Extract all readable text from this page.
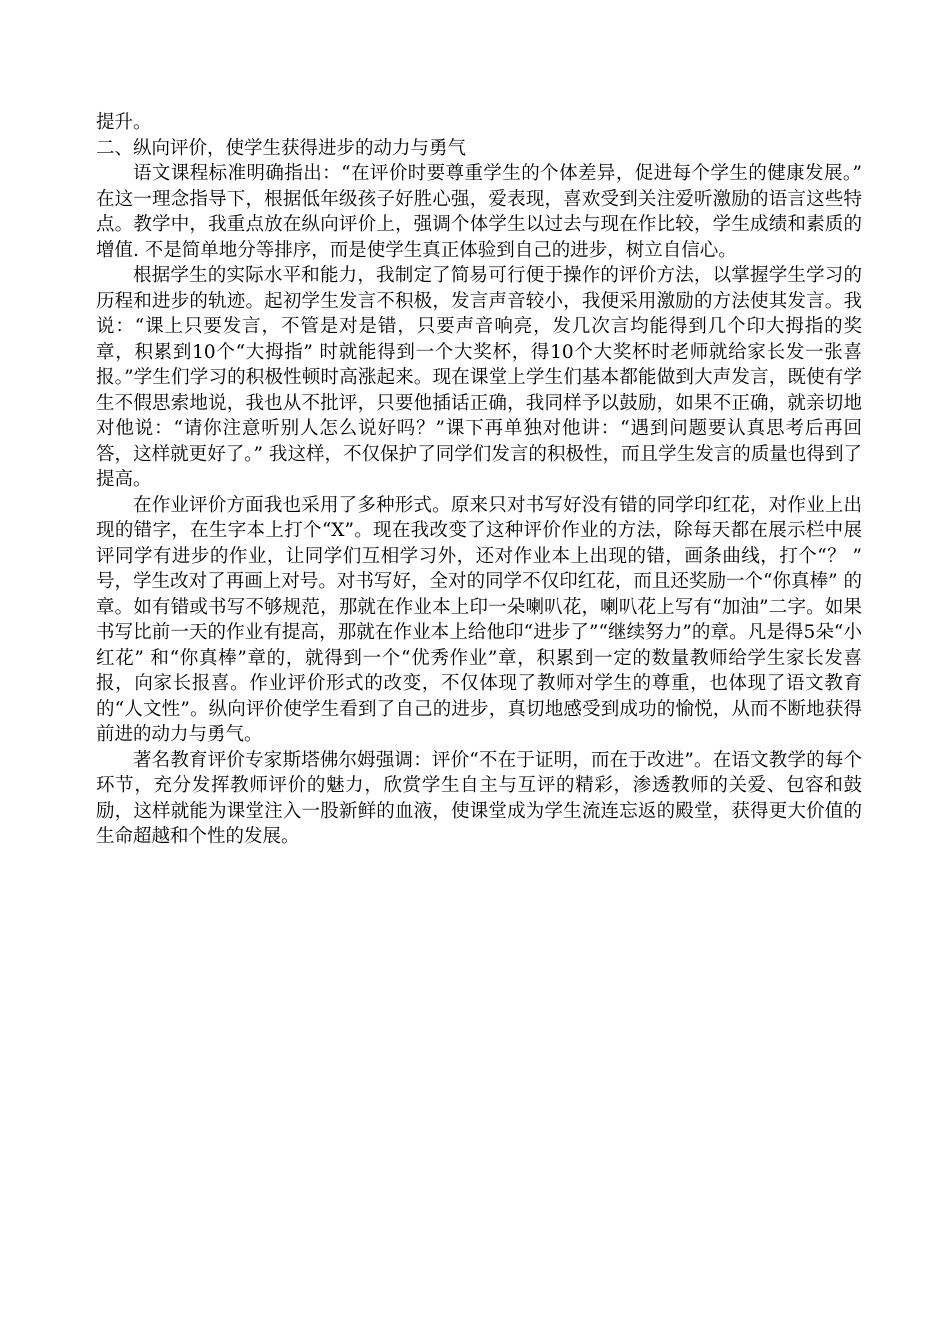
提升。

二、纵向评价，使学生获得进步的动力与勇气

语文课程标准明确指出：“在评价时要尊重学生的个体差异，促进每个学生的健康发展。” 在这一理念指导下，根据低年级孩子好胜心强，爱表现，喜欢受到关注爱听激励的语言这些特点。教学中，我重点放在纵向评价上，强调个体学生以过去与现在作比较，学生成绩和素质的增值. 不是简单地分等排序，而是使学生真正体验到自己的进步，树立自信心。

根据学生的实际水平和能力，我制定了简易可行便于操作的评价方法，以掌握学生学习的历程和进步的轨迹。起初学生发言不积极，发言声音较小，我便采用激励的方法使其发言。我说：“课上只要发言，不管是对是错，只要声音响亮，发几次言均能得到几个印大拇指的奖章，积累到10个“大拇指” 时就能得到一个大奖杯，得10个大奖杯时老师就给家长发一张喜报。”学生们学习的积极性顿时高涨起来。现在课堂上学生们基本都能做到大声发言，既使有学生不假思索地说，我也从不批评，只要他插话正确，我同样予以鼓励，如果不正确，就亲切地对他说：“请你注意听别人怎么说好吗？”课下再单独对他讲：“遇到问题要认真思考后再回答，这样就更好了。” 我这样，不仅保护了同学们发言的积极性，而且学生发言的质量也得到了提高。

在作业评价方面我也采用了多种形式。原来只对书写好没有错的同学印红花，对作业上出现的错字，在生字本上打个“X”。现在我改变了这种评价作业的方法，除每天都在展示栏中展评同学有进步的作业，让同学们互相学习外，还对作业本上出现的错，画条曲线，打个“？ ” 号，学生改对了再画上对号。对书写好，全对的同学不仅印红花，而且还奖励一个“你真棒” 的章。如有错或书写不够规范，那就在作业本上印一朵喇叭花，喇叭花上写有“加油”二字。如果书写比前一天的作业有提高，那就在作业本上给他印“进步了”“继续努力”的章。凡是得5朵“小红花” 和“你真棒”章的，就得到一个“优秀作业”章，积累到一定的数量教师给学生家长发喜报，向家长报喜。作业评价形式的改变，不仅体现了教师对学生的尊重，也体现了语文教育的“人文性”。纵向评价使学生看到了自己的进步，真切地感受到成功的愉悦，从而不断地获得前进的动力与勇气。

著名教育评价专家斯塔佛尔姆强调：评价“不在于证明，而在于改进”。在语文教学的每个环节，充分发挥教师评价的魅力，欣赏学生自主与互评的精彩，渗透教师的关爱、包容和鼓励，这样就能为课堂注入一股新鲜的血液，使课堂成为学生流连忘返的殿堂，获得更大价值的生命超越和个性的发展。
